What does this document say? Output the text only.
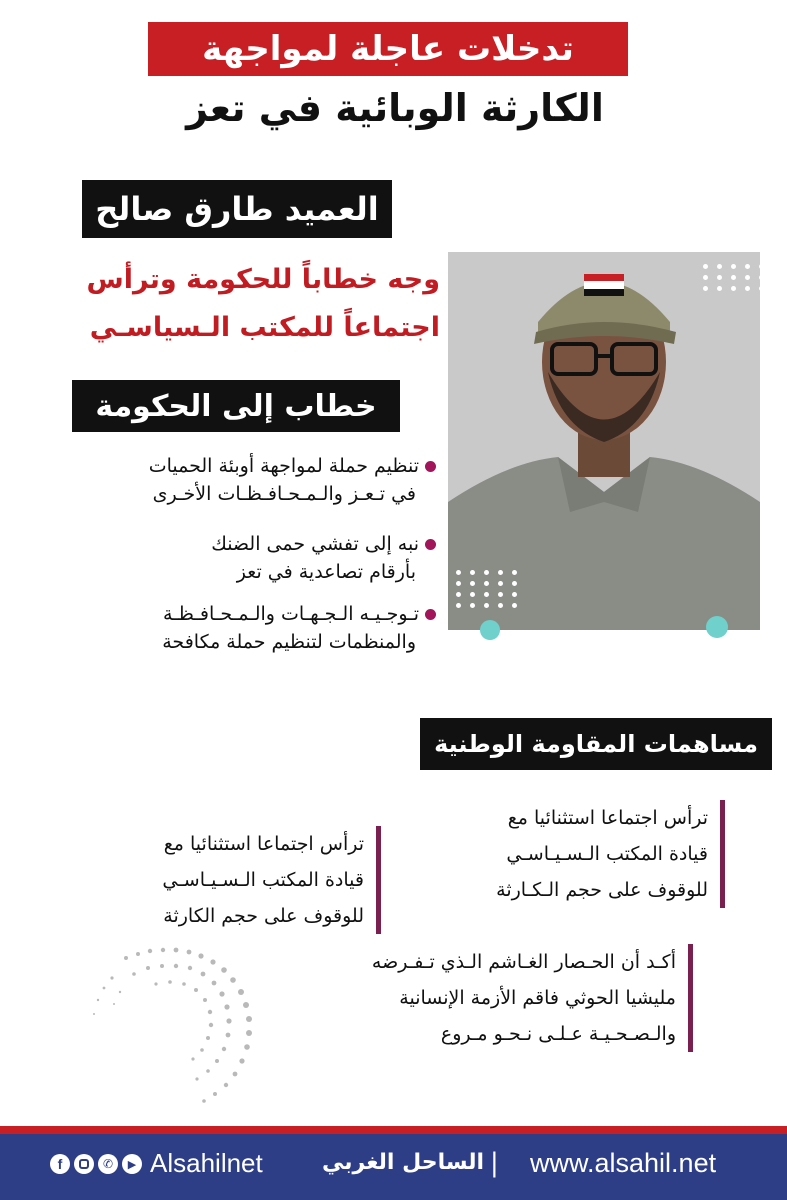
تدخلات عاجلة لمواجهة
الكارثة الوبائية في تعز
العميد طارق صالح
وجه خطاباً للحكومة وترأس
اجتماعاً للمكتب الـسياسـي
خطاب إلى الحكومة
تنظيم حملة لمواجهة أوبئة الحميات
في تـعـز والـمـحـافـظـات الأخـرى
نبه إلى تفشي حمى الضنك
بأرقام تصاعدية في تعز
تـوجـيـه الـجـهـات والـمـحـافـظـة
والمنظمات لتنظيم حملة مكافحة
مساهمات المقاومة الوطنية
ترأس اجتماعا استثنائيا مع
قيادة المكتب الـسـيـاسـي
للوقوف على حجم الـكـارثة
ترأس اجتماعا استثنائيا مع
قيادة المكتب الـسـيـاسـي
للوقوف على حجم الكارثة
أكـد أن الحـصار الغـاشم الـذي تـفـرضه
مليشيا الحوثي فاقم الأزمة الإنسانية
والـصـحـيـة عـلـى نـحـو مـروع
f	✆	▶ Alsahilnet	الساحل الغربي | www.alsahil.net
